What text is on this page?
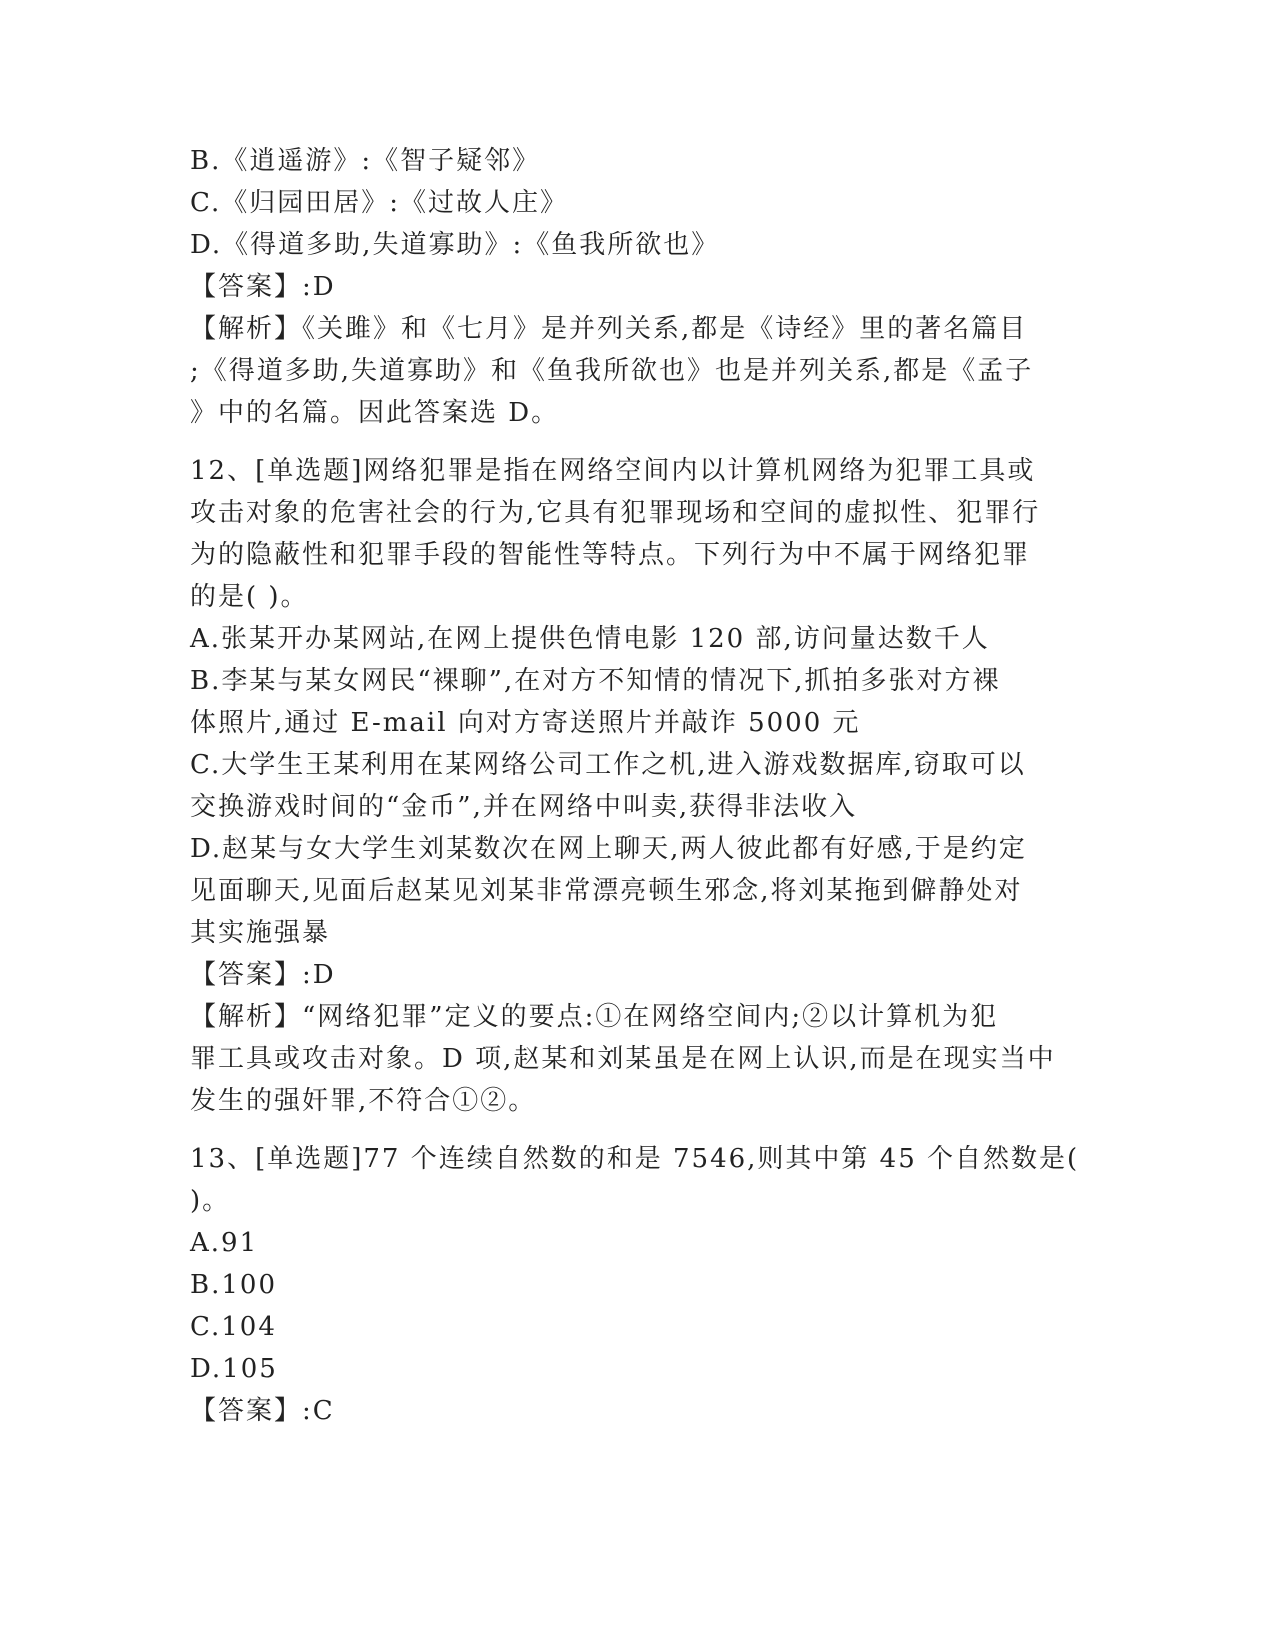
B.《逍遥游》:《智子疑邻》
C.《归园田居》:《过故人庄》
D.《得道多助,失道寡助》:《鱼我所欲也》
【答案】:D
【解析】《关雎》和《七月》是并列关系,都是《诗经》里的著名篇目
;《得道多助,失道寡助》和《鱼我所欲也》也是并列关系,都是《孟子
》中的名篇。因此答案选 D。
12、[单选题]网络犯罪是指在网络空间内以计算机网络为犯罪工具或
攻击对象的危害社会的行为,它具有犯罪现场和空间的虚拟性、犯罪行
为的隐蔽性和犯罪手段的智能性等特点。下列行为中不属于网络犯罪
的是( )。
A.张某开办某网站,在网上提供色情电影 120 部,访问量达数千人
B.李某与某女网民“裸聊”,在对方不知情的情况下,抓拍多张对方裸
体照片,通过 E-mail 向对方寄送照片并敲诈 5000 元
C.大学生王某利用在某网络公司工作之机,进入游戏数据库,窃取可以
交换游戏时间的“金币”,并在网络中叫卖,获得非法收入
D.赵某与女大学生刘某数次在网上聊天,两人彼此都有好感,于是约定
见面聊天,见面后赵某见刘某非常漂亮顿生邪念,将刘某拖到僻静处对
其实施强暴
【答案】:D
【解析】“网络犯罪”定义的要点:①在网络空间内;②以计算机为犯
罪工具或攻击对象。D 项,赵某和刘某虽是在网上认识,而是在现实当中
发生的强奸罪,不符合①②。
13、[单选题]77 个连续自然数的和是 7546,则其中第 45 个自然数是(
)。
A.91
B.100
C.104
D.105
【答案】:C
